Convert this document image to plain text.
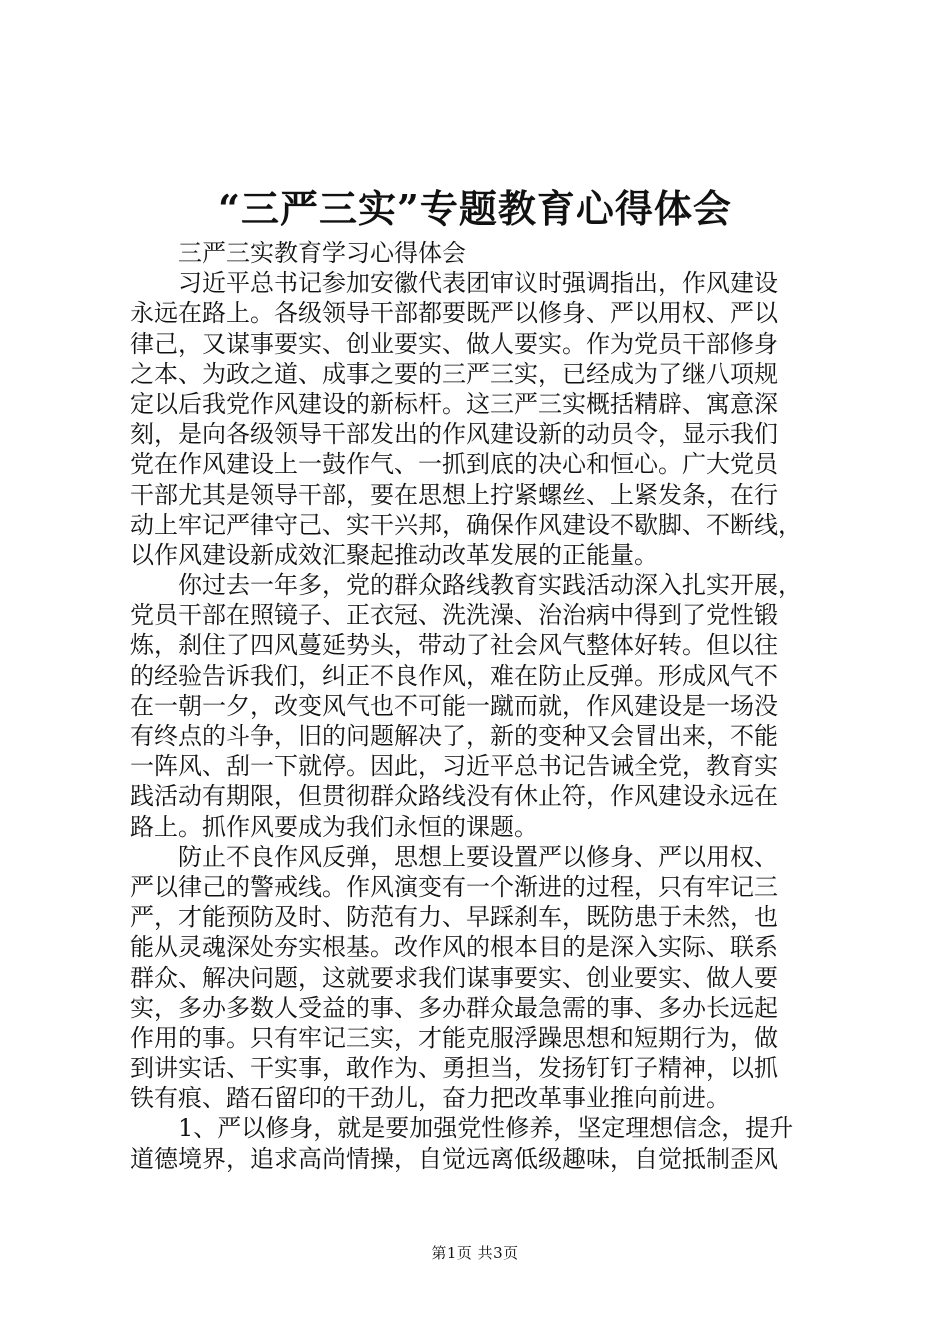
“三严三实”专题教育心得体会
　　三严三实教育学习心得体会
　　习近平总书记参加安徽代表团审议时强调指出，作风建设
永远在路上。各级领导干部都要既严以修身、严以用权、严以
律己，又谋事要实、创业要实、做人要实。作为党员干部修身
之本、为政之道、成事之要的三严三实，已经成为了继八项规
定以后我党作风建设的新标杆。这三严三实概括精辟、寓意深
刻，是向各级领导干部发出的作风建设新的动员令，显示我们
党在作风建设上一鼓作气、一抓到底的决心和恒心。广大党员
干部尤其是领导干部，要在思想上拧紧螺丝、上紧发条，在行
动上牢记严律守己、实干兴邦，确保作风建设不歇脚、不断线，
以作风建设新成效汇聚起推动改革发展的正能量。
　　你过去一年多，党的群众路线教育实践活动深入扎实开展，
党员干部在照镜子、正衣冠、洗洗澡、治治病中得到了党性锻
炼，刹住了四风蔓延势头，带动了社会风气整体好转。但以往
的经验告诉我们，纠正不良作风，难在防止反弹。形成风气不
在一朝一夕，改变风气也不可能一蹴而就，作风建设是一场没
有终点的斗争，旧的问题解决了，新的变种又会冒出来，不能
一阵风、刮一下就停。因此，习近平总书记告诫全党，教育实
践活动有期限，但贯彻群众路线没有休止符，作风建设永远在
路上。抓作风要成为我们永恒的课题。
　　防止不良作风反弹，思想上要设置严以修身、严以用权、
严以律己的警戒线。作风演变有一个渐进的过程，只有牢记三
严，才能预防及时、防范有力、早踩刹车，既防患于未然，也
能从灵魂深处夯实根基。改作风的根本目的是深入实际、联系
群众、解决问题，这就要求我们谋事要实、创业要实、做人要
实，多办多数人受益的事、多办群众最急需的事、多办长远起
作用的事。只有牢记三实，才能克服浮躁思想和短期行为，做
到讲实话、干实事，敢作为、勇担当，发扬钉钉子精神，以抓
铁有痕、踏石留印的干劲儿，奋力把改革事业推向前进。
　　1、严以修身，就是要加强党性修养，坚定理想信念，提升
道德境界，追求高尚情操，自觉远离低级趣味，自觉抵制歪风
第1页 共3页
